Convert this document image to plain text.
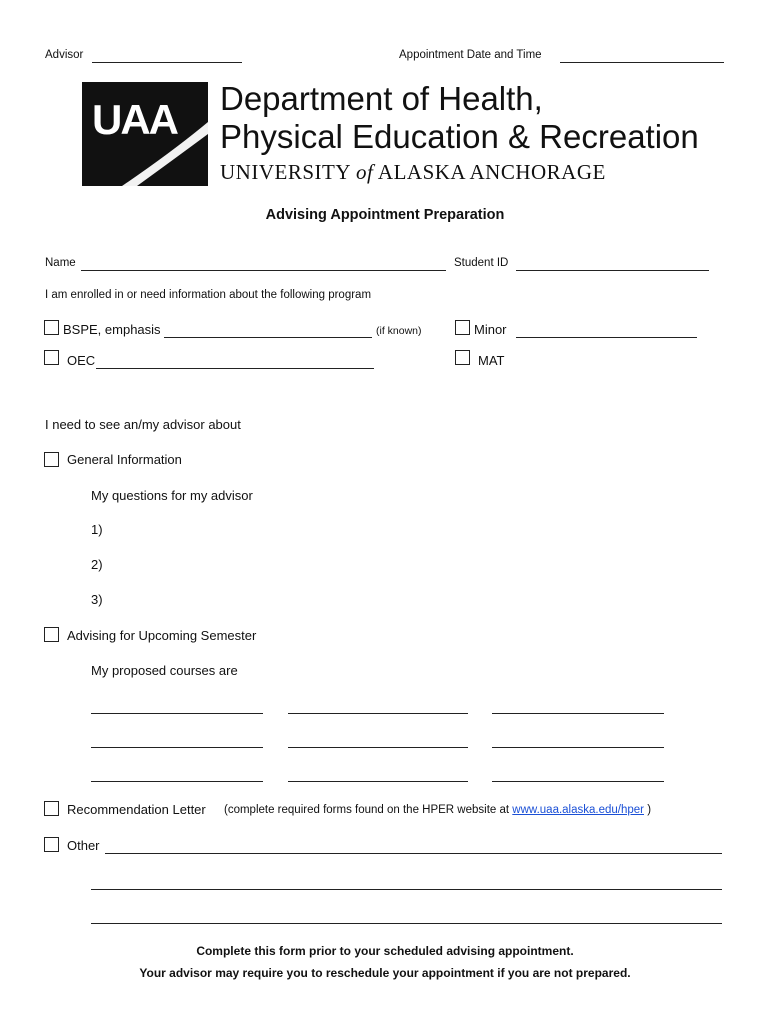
Advisor	Appointment Date and Time
UAA Department of Health,
Physical Education & Recreation
UNIVERSITY of ALASKA ANCHORAGE
Advising Appointment Preparation
Name	Student ID
I am enrolled in or need information about the following program
BSPE, emphasis	(if known)	Minor
OEC	MAT
I need to see an/my advisor about
General Information
My questions for my advisor
1)
2)
3)
Advising for Upcoming Semester
My proposed courses are
Recommendation Letter (complete required forms found on the HPER website at www.uaa.alaska.edu/hper )
Other
Complete this form prior to your scheduled advising appointment.
Your advisor may require you to reschedule your appointment if you are not prepared.
